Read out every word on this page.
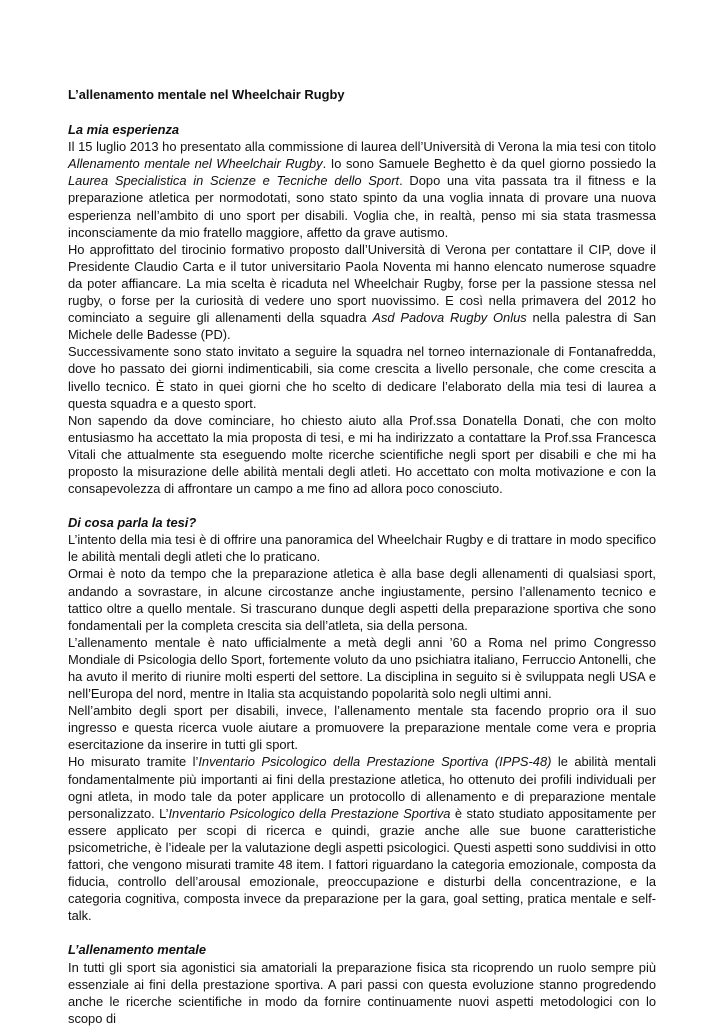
L’allenamento mentale nel Wheelchair Rugby
La mia esperienza

Il 15 luglio 2013 ho presentato alla commissione di laurea dell’Università di Verona la mia tesi con titolo Allenamento mentale nel Wheelchair Rugby. Io sono Samuele Beghetto è da quel giorno possiedo la Laurea Specialistica in Scienze e Tecniche dello Sport. Dopo una vita passata tra il fitness e la preparazione atletica per normodotati, sono stato spinto da una voglia innata di provare una nuova esperienza nell’ambito di uno sport per disabili. Voglia che, in realtà, penso mi sia stata trasmessa inconsciamente da mio fratello maggiore, affetto da grave autismo.

Ho approfittato del tirocinio formativo proposto dall’Università di Verona per contattare il CIP, dove il Presidente Claudio Carta e il tutor universitario Paola Noventa mi hanno elencato numerose squadre da poter affiancare. La mia scelta è ricaduta nel Wheelchair Rugby, forse per la passione stessa nel rugby, o forse per la curiosità di vedere uno sport nuovissimo. E così nella primavera del 2012 ho cominciato a seguire gli allenamenti della squadra Asd Padova Rugby Onlus nella palestra di San Michele delle Badesse (PD).

Successivamente sono stato invitato a seguire la squadra nel torneo internazionale di Fontanafredda, dove ho passato dei giorni indimenticabili, sia come crescita a livello personale, che come crescita a livello tecnico. È stato in quei giorni che ho scelto di dedicare l’elaborato della mia tesi di laurea a questa squadra e a questo sport.

Non sapendo da dove cominciare, ho chiesto aiuto alla Prof.ssa Donatella Donati, che con molto entusiasmo ha accettato la mia proposta di tesi, e mi ha indirizzato a contattare la Prof.ssa Francesca Vitali che attualmente sta eseguendo molte ricerche scientifiche negli sport per disabili e che mi ha proposto la misurazione delle abilità mentali degli atleti. Ho accettato con molta motivazione e con la consapevolezza di affrontare un campo a me fino ad allora poco conosciuto.

Di cosa parla la tesi?

L’intento della mia tesi è di offrire una panoramica del Wheelchair Rugby e di trattare in modo specifico le abilità mentali degli atleti che lo praticano.

Ormai è noto da tempo che la preparazione atletica è alla base degli allenamenti di qualsiasi sport, andando a sovrastare, in alcune circostanze anche ingiustamente, persino l’allenamento tecnico e tattico oltre a quello mentale. Si trascurano dunque degli aspetti della preparazione sportiva che sono fondamentali per la completa crescita sia dell’atleta, sia della persona.

L’allenamento mentale è nato ufficialmente a metà degli anni ’60 a Roma nel primo Congresso Mondiale di Psicologia dello Sport, fortemente voluto da uno psichiatra italiano, Ferruccio Antonelli, che ha avuto il merito di riunire molti esperti del settore. La disciplina in seguito si è sviluppata negli USA e nell’Europa del nord, mentre in Italia sta acquistando popolarità solo negli ultimi anni.

Nell’ambito degli sport per disabili, invece, l’allenamento mentale sta facendo proprio ora il suo ingresso e questa ricerca vuole aiutare a promuovere la preparazione mentale come vera e propria esercitazione da inserire in tutti gli sport.

Ho misurato tramite l’Inventario Psicologico della Prestazione Sportiva (IPPS-48) le abilità mentali fondamentalmente più importanti ai fini della prestazione atletica, ho ottenuto dei profili individuali per ogni atleta, in modo tale da poter applicare un protocollo di allenamento e di preparazione mentale personalizzato. L’Inventario Psicologico della Prestazione Sportiva è stato studiato appositamente per essere applicato per scopi di ricerca e quindi, grazie anche alle sue buone caratteristiche psicometriche, è l’ideale per la valutazione degli aspetti psicologici. Questi aspetti sono suddivisi in otto fattori, che vengono misurati tramite 48 item. I fattori riguardano la categoria emozionale, composta da fiducia, controllo dell’arousal emozionale, preoccupazione e disturbi della concentrazione, e la categoria cognitiva, composta invece da preparazione per la gara, goal setting, pratica mentale e self-talk.

L’allenamento mentale

In tutti gli sport sia agonistici sia amatoriali la preparazione fisica sta ricoprendo un ruolo sempre più essenziale ai fini della prestazione sportiva. A pari passi con questa evoluzione stanno progredendo anche le ricerche scientifiche in modo da fornire continuamente nuovi aspetti metodologici con lo scopo di
